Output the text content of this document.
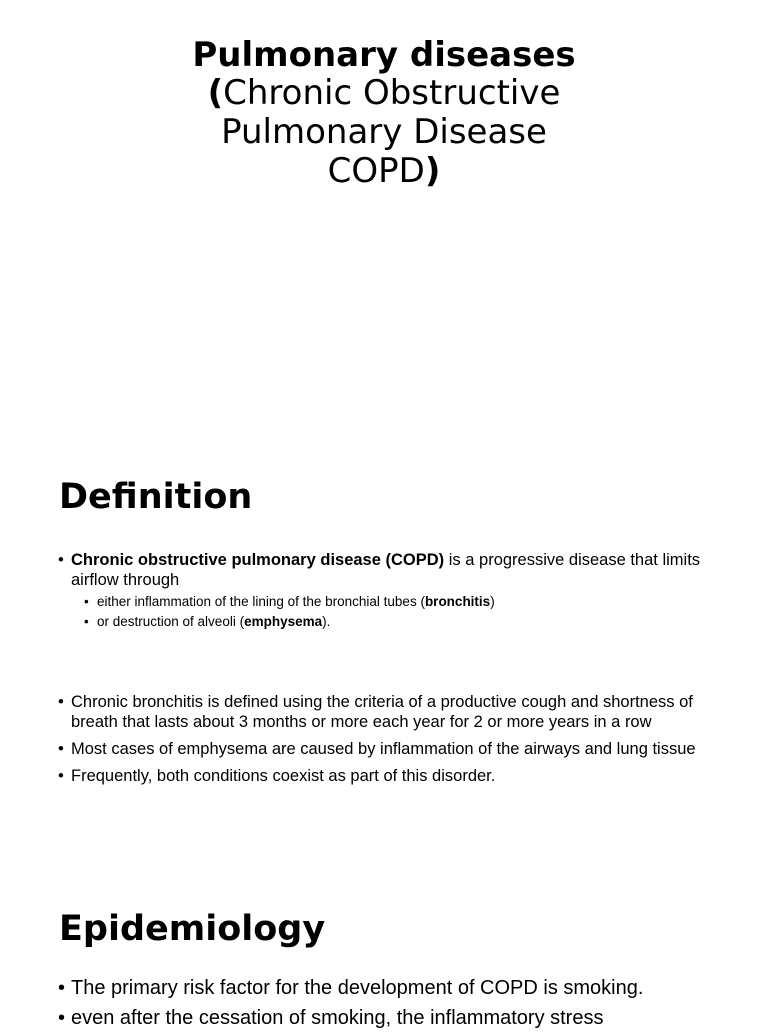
Pulmonary diseases
(Chronic Obstructive
Pulmonary Disease
COPD)
Definition
• Chronic obstructive pulmonary disease (COPD) is a progressive disease that limits airflow through
• either inflammation of the lining of the bronchial tubes (bronchitis)
• or destruction of alveoli (emphysema).
• Chronic bronchitis is defined using the criteria of a productive cough and shortness of breath that lasts about 3 months or more each year for 2 or more years in a row
• Most cases of emphysema are caused by inflammation of the airways and lung tissue
• Frequently, both conditions coexist as part of this disorder.
Epidemiology
• The primary risk factor for the development of COPD is smoking.
• even after the cessation of smoking, the inflammatory stress
